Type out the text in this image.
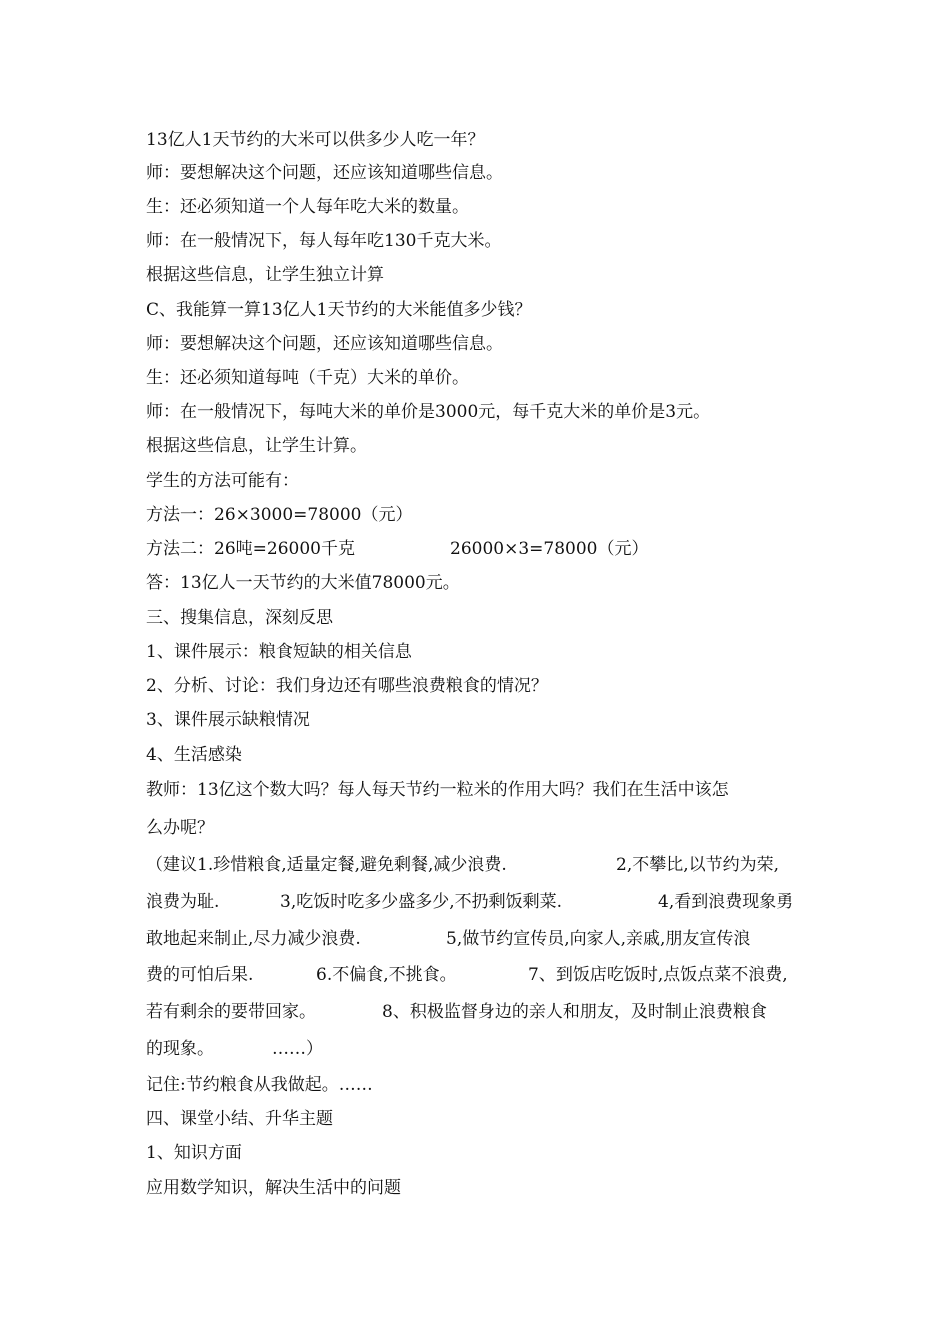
13亿人1天节约的大米可以供多少人吃一年？
师：要想解决这个问题，还应该知道哪些信息。
生：还必须知道一个人每年吃大米的数量。
师：在一般情况下，每人每年吃130千克大米。
根据这些信息，让学生独立计算
C、我能算一算13亿人1天节约的大米能值多少钱？
师：要想解决这个问题，还应该知道哪些信息。
生：还必须知道每吨（千克）大米的单价。
师：在一般情况下，每吨大米的单价是3000元，每千克大米的单价是3元。
根据这些信息，让学生计算。
学生的方法可能有：
方法一：26×3000=78000（元）
方法二：26吨=26000千克	26000×3=78000（元）
答：13亿人一天节约的大米值78000元。
三、搜集信息，深刻反思
1、课件展示：粮食短缺的相关信息
2、分析、讨论：我们身边还有哪些浪费粮食的情况？
3、课件展示缺粮情况
4、生活感染
教师：13亿这个数大吗？每人每天节约一粒米的作用大吗？我们在生活中该怎
么办呢？
（建议1.珍惜粮食,适量定餐,避免剩餐,减少浪费.	2,不攀比,以节约为荣,
浪费为耻.	3,吃饭时吃多少盛多少,不扔剩饭剩菜.	4,看到浪费现象勇
敢地起来制止,尽力减少浪费.	5,做节约宣传员,向家人,亲戚,朋友宣传浪
费的可怕后果.	6.不偏食,不挑食。	7、到饭店吃饭时,点饭点菜不浪费,
若有剩余的要带回家。	8、积极监督身边的亲人和朋友，及时制止浪费粮食
的现象。	……）
记住:节约粮食从我做起。……
四、课堂小结、升华主题
1、知识方面
应用数学知识，解决生活中的问题
